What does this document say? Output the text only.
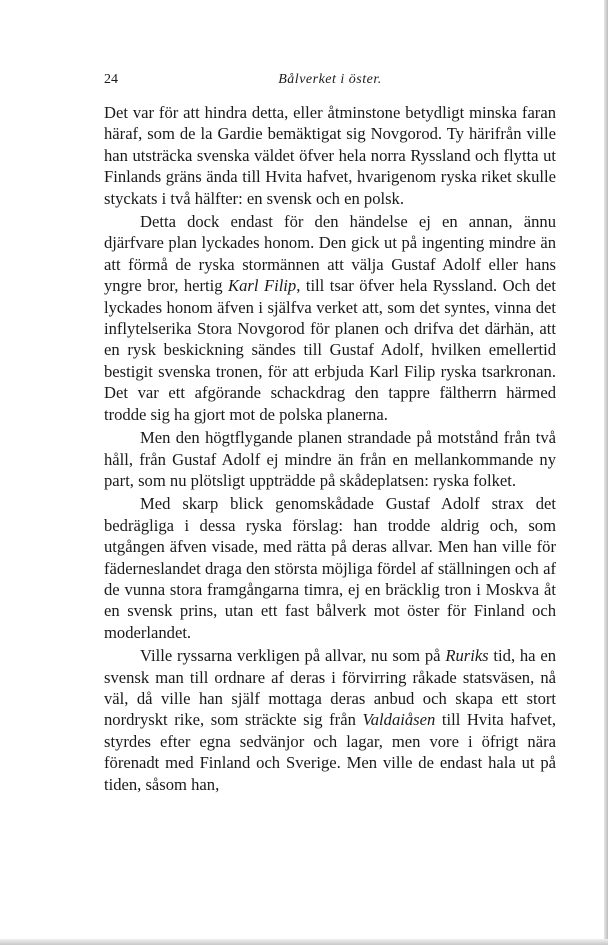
24	Bålverket i öster.

Det var för att hindra detta, eller åtminstone betydligt minska faran häraf, som de la Gardie bemäktigat sig Novgorod. Ty härifrån ville han utsträcka svenska väldet öfver hela norra Ryssland och flytta ut Finlands gräns ända till Hvita hafvet, hvarigenom ryska riket skulle styckats i två hälfter: en svensk och en polsk.

Detta dock endast för den händelse ej en annan, ännu djärfvare plan lyckades honom. Den gick ut på ingenting mindre än att förmå de ryska stormännen att välja Gustaf Adolf eller hans yngre bror, hertig Karl Filip, till tsar öfver hela Ryssland. Och det lyckades honom äfven i själfva verket att, som det syntes, vinna det inflytelserika Stora Novgorod för planen och drifva det därhän, att en rysk beskickning sändes till Gustaf Adolf, hvilken emellertid bestigit svenska tronen, för att erbjuda Karl Filip ryska tsarkronan. Det var ett afgörande schackdrag den tappre fältherrn härmed trodde sig ha gjort mot de polska planerna.

Men den högtflygande planen strandade på motstånd från två håll, från Gustaf Adolf ej mindre än från en mellankommande ny part, som nu plötsligt uppträdde på skådeplatsen: ryska folket.

Med skarp blick genomskådade Gustaf Adolf strax det bedrägliga i dessa ryska förslag: han trodde aldrig och, som utgången äfven visade, med rätta på deras allvar. Men han ville för fäderneslandet draga den största möjliga fördel af ställningen och af de vunna stora framgångarna timra, ej en bräcklig tron i Moskva åt en svensk prins, utan ett fast bålverk mot öster för Finland och moderlandet.

Ville ryssarna verkligen på allvar, nu som på Ruriks tid, ha en svensk man till ordnare af deras i förvirring råkade statsväsen, nå väl, då ville han själf mottaga deras anbud och skapa ett stort nordryskt rike, som sträckte sig från Valdaiåsen till Hvita hafvet, styrdes efter egna sedvänjor och lagar, men vore i öfrigt nära förenadt med Finland och Sverige. Men ville de endast hala ut på tiden, såsom han,
